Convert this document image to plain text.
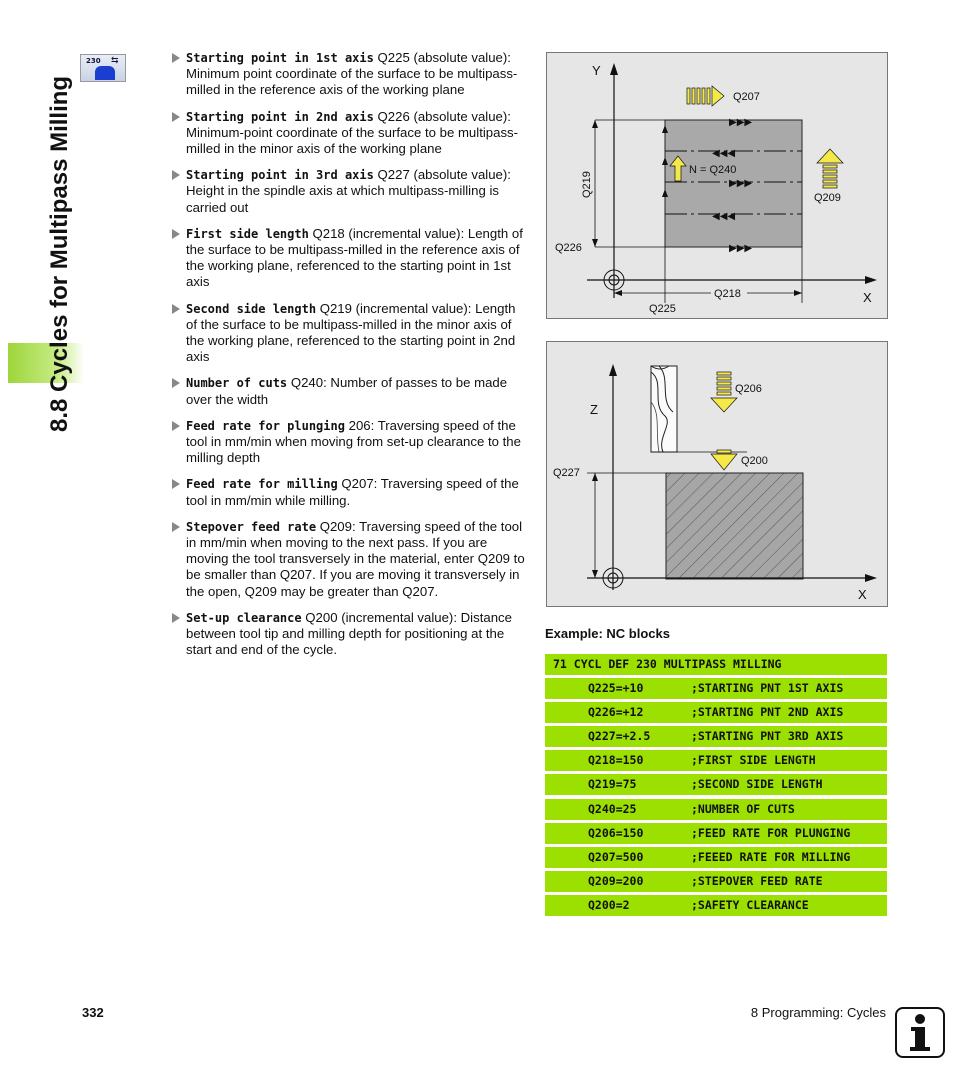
8.8 Cycles for Multipass Milling
230 ⇆	Starting point in 1st axis Q225 (absolute value): Minimum point coordinate of the surface to be multipass-milled in the reference axis of the working plane
Starting point in 2nd axis Q226 (absolute value): Minimum-point coordinate of the surface to be multipass-milled in the minor axis of the working plane
Starting point in 3rd axis Q227 (absolute value): Height in the spindle axis at which multipass-milling is carried out
First side length Q218 (incremental value): Length of the surface to be multipass-milled in the reference axis of the working plane, referenced to the starting point in 1st axis
Second side length Q219 (incremental value): Length of the surface to be multipass-milled in the minor axis of the working plane, referenced to the starting point in 2nd axis
Number of cuts Q240: Number of passes to be made over the width
Feed rate for plunging 206: Traversing speed of the tool in mm/min when moving from set-up clearance to the milling depth
Feed rate for milling Q207: Traversing speed of the tool in mm/min while milling.
Stepover feed rate Q209: Traversing speed of the tool in mm/min when moving to the next pass. If you are moving the tool transversely in the material, enter Q209 to be smaller than Q207. If you are moving it transversely in the open, Q209 may be greater than Q207.
Set-up clearance Q200 (incremental value): Distance between tool tip and milling depth for positioning at the start and end of the cycle.
Y
X
Q219
Q226
Q218
Q225
▶▶▶
◀◀◀
▶▶▶
◀◀◀
▶▶▶
Q207
N = Q240
Q209
Z
X
Q227
Q200
Q206
Example: NC blocks
71 CYCL DEF 230 MULTIPASS MILLING
Q225=+10	;STARTING PNT 1ST AXIS
Q226=+12	;STARTING PNT 2ND AXIS
Q227=+2.5	;STARTING PNT 3RD AXIS
Q218=150	;FIRST SIDE LENGTH
Q219=75	;SECOND SIDE LENGTH
Q240=25	;NUMBER OF CUTS
Q206=150	;FEED RATE FOR PLUNGING
Q207=500	;FEEED RATE FOR MILLING
Q209=200	;STEPOVER FEED RATE
Q200=2	;SAFETY CLEARANCE
332	8 Programming: Cycles
